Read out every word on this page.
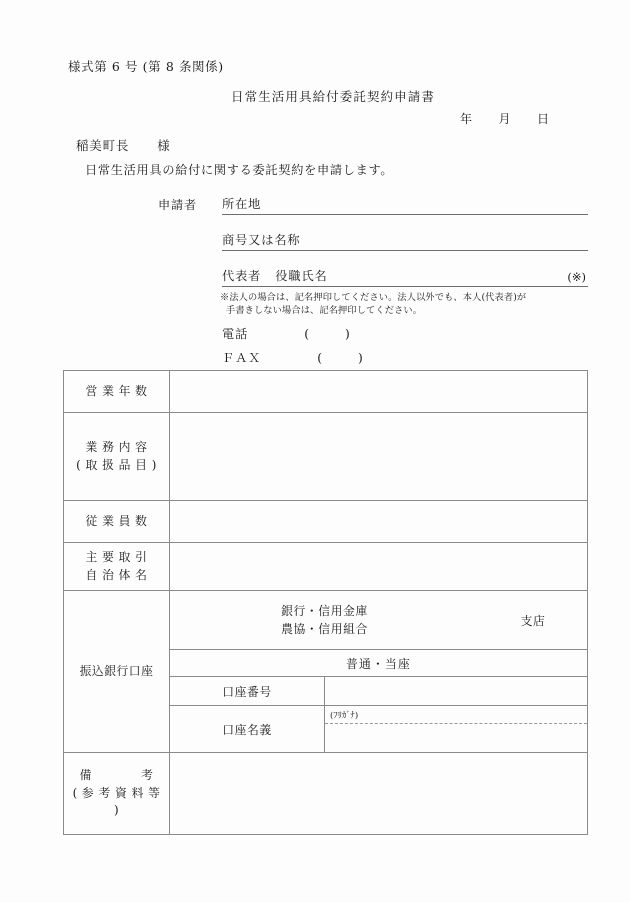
様式第 6 号 (第 8 条関係)
日常生活用具給付委託契約申請書
年 月 日
稲美町長 様
日常生活用具の給付に関する委託契約を申請します。
申請者 所在地
商号又は名称
代表者 役職氏名	(※)
※法人の場合は、記名押印してください。法人以外でも、本人(代表者)が
手書きしない場合は、記名押印してください。
電話	(	)
ＦＡＸ	(	)
営 業 年 数

業 務 内 容
( 取 扱 品 目 )

従 業 員 数

主 要 取 引
自 治 体 名

振込銀行口座

銀行・信用金庫
農協・信用組合
	支店
普通・当座
口座番号	
口座名義	
(ﾌﾘｶﾞﾅ)

備　　　　考
( 参 考 資 料 等 )
